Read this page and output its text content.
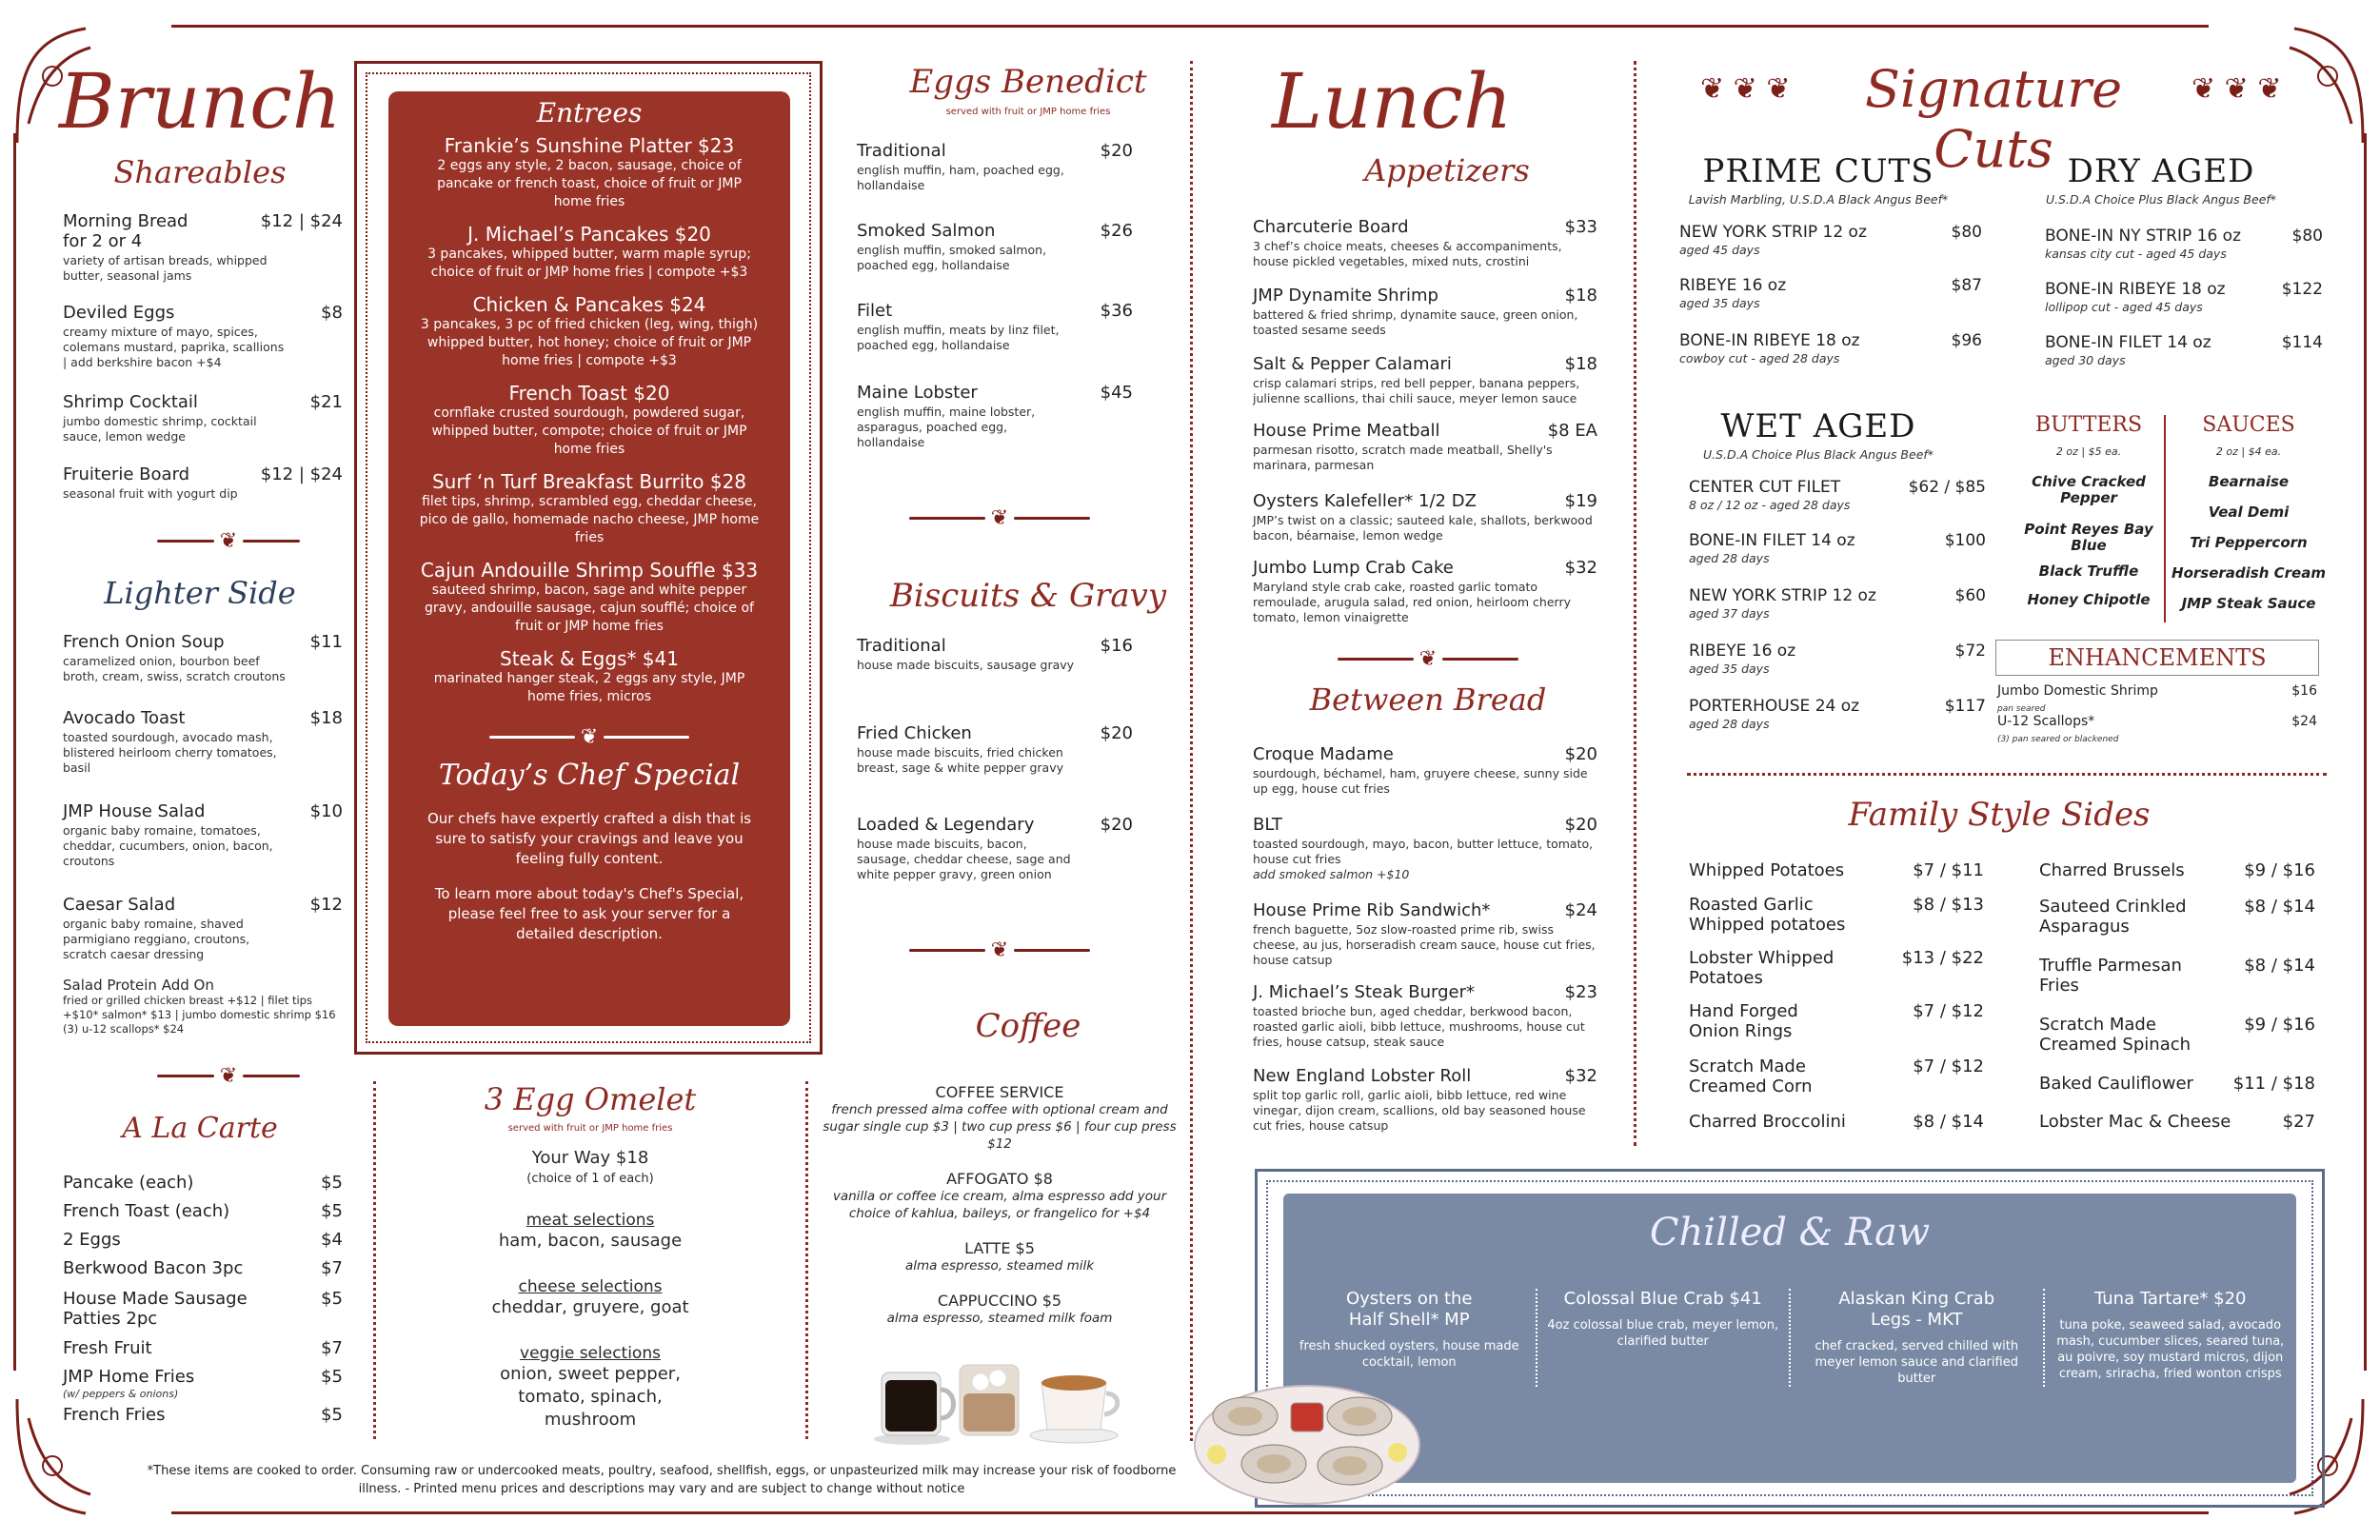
Brunch
Shareables
Morning Bread
for 2 or 4
$12 | $24
variety of artisan breads, whipped butter, seasonal jams
Deviled Eggs	$8
creamy mixture of mayo, spices, colemans mustard, paprika, scallions | add berkshire bacon +$4
Shrimp Cocktail	$21
jumbo domestic shrimp, cocktail sauce, lemon wedge
Fruiterie Board	$12 | $24
seasonal fruit with yogurt dip
❦
Lighter Side
French Onion Soup	$11
caramelized onion, bourbon beef broth, cream, swiss, scratch croutons
Avocado Toast	$18
toasted sourdough, avocado mash, blistered heirloom cherry tomatoes, basil
JMP House Salad	$10
organic baby romaine, tomatoes, cheddar, cucumbers, onion, bacon, croutons
Caesar Salad	$12
organic baby romaine, shaved parmigiano reggiano, croutons, scratch caesar dressing
Salad Protein Add On
fried or grilled chicken breast +$12 | filet tips +$10* salmon* $13 | jumbo domestic shrimp $16 (3) u-12 scallops* $24
❦
A La Carte
Pancake (each)	$5
French Toast (each)	$5
2 Eggs	$4
Berkwood Bacon 3pc	$7
House Made Sausage
Patties 2pc
$5
Fresh Fruit	$7
JMP Home Fries	$5
(w/ peppers & onions)
French Fries	$5
Entrees
Frankie’s Sunshine Platter $23
2 eggs any style, 2 bacon, sausage, choice of pancake or french toast, choice of fruit or JMP home fries
J. Michael’s Pancakes $20
3 pancakes, whipped butter, warm maple syrup; choice of fruit or JMP home fries | compote +$3
Chicken & Pancakes $24
3 pancakes, 3 pc of fried chicken (leg, wing, thigh) whipped butter, hot honey; choice of fruit or JMP home fries | compote +$3
French Toast $20
cornflake crusted sourdough, powdered sugar, whipped butter, compote; choice of fruit or JMP home fries
Surf ‘n Turf Breakfast Burrito $28
filet tips, shrimp, scrambled egg, cheddar cheese, pico de gallo, homemade nacho cheese, JMP home fries
Cajun Andouille Shrimp Souffle $33
sauteed shrimp, bacon, sage and white pepper gravy, andouille sausage, cajun soufflé; choice of fruit or JMP home fries
Steak & Eggs* $41
marinated hanger steak, 2 eggs any style, JMP home fries, micros
❦
Today’s Chef Special
Our chefs have expertly crafted a dish that is sure to satisfy your cravings and leave you feeling fully content.
To learn more about today's Chef's Special, please feel free to ask your server for a detailed description.
3 Egg Omelet
served with fruit or JMP home fries
Your Way $18
(choice of 1 of each)
meat selections
ham, bacon, sausage
cheese selections
cheddar, gruyere, goat
veggie selections
onion, sweet pepper, tomato, spinach, mushroom
Eggs Benedict
served with fruit or JMP home fries
Traditional	$20
english muffin, ham, poached egg, hollandaise
Smoked Salmon	$26
english muffin, smoked salmon, poached egg, hollandaise
Filet	$36
english muffin, meats by linz filet, poached egg, hollandaise
Maine Lobster	$45
english muffin, maine lobster, asparagus, poached egg, hollandaise
❦
Biscuits & Gravy
Traditional	$16
house made biscuits, sausage gravy
Fried Chicken	$20
house made biscuits, fried chicken breast, sage & white pepper gravy
Loaded & Legendary	$20
house made biscuits, bacon, sausage, cheddar cheese, sage and white pepper gravy, green onion
❦
Coffee
COFFEE SERVICE
french pressed alma coffee with optional cream and sugar single cup $3 | two cup press $6 | four cup press $12
AFFOGATO $8
vanilla or coffee ice cream, alma espresso add your choice of kahlua, baileys, or frangelico for +$4
LATTE $5
alma espresso, steamed milk
CAPPUCCINO $5
alma espresso, steamed milk foam
Lunch
Appetizers
Charcuterie Board	$33
3 chef’s choice meats, cheeses & accompaniments, house pickled vegetables, mixed nuts, crostini
JMP Dynamite Shrimp	$18
battered & fried shrimp, dynamite sauce, green onion, toasted sesame seeds
Salt & Pepper Calamari	$18
crisp calamari strips, red bell pepper, banana peppers, julienne scallions, thai chili sauce, meyer lemon sauce
House Prime Meatball	$8 EA
parmesan risotto, scratch made meatball, Shelly's marinara, parmesan
Oysters Kalefeller* 1/2 DZ	$19
JMP’s twist on a classic; sauteed kale, shallots, berkwood bacon, béarnaise, lemon wedge
Jumbo Lump Crab Cake	$32
Maryland style crab cake, roasted garlic tomato remoulade, arugula salad, red onion, heirloom cherry tomato, lemon vinaigrette
❦
Between Bread
Croque Madame	$20
sourdough, béchamel, ham, gruyere cheese, sunny side up egg, house cut fries
BLT	$20
toasted sourdough, mayo, bacon, butter lettuce, tomato, house cut fries
add smoked salmon +$10
House Prime Rib Sandwich*	$24
french baguette, 5oz slow-roasted prime rib, swiss cheese, au jus, horseradish cream sauce, house cut fries, house catsup
J. Michael’s Steak Burger*	$23
toasted brioche bun, aged cheddar, berkwood bacon, roasted garlic aioli, bibb lettuce, mushrooms, house cut fries, house catsup, steak sauce
New England Lobster Roll	$32
split top garlic roll, garlic aioli, bibb lettuce, red wine vinegar, dijon cream, scallions, old bay seasoned house cut fries, house catsup
❦ ❦ ❦	Signature Cuts
❦ ❦ ❦
PRIME CUTS
Lavish Marbling, U.S.D.A Black Angus Beef*
NEW YORK STRIP 12 oz	$80
aged 45 days
RIBEYE 16 oz	$87
aged 35 days
BONE-IN RIBEYE 18 oz	$96
cowboy cut - aged 28 days
DRY AGED
U.S.D.A Choice Plus Black Angus Beef*
BONE-IN NY STRIP 16 oz	$80
kansas city cut - aged 45 days
BONE-IN RIBEYE 18 oz	$122
lollipop cut - aged 45 days
BONE-IN FILET 14 oz	$114
aged 30 days
WET AGED
U.S.D.A Choice Plus Black Angus Beef*
CENTER CUT FILET	$62 / $85
8 oz / 12 oz - aged 28 days
BONE-IN FILET 14 oz	$100
aged 28 days
NEW YORK STRIP 12 oz	$60
aged 37 days
RIBEYE 16 oz	$72
aged 35 days
PORTERHOUSE 24 oz	$117
aged 28 days
BUTTERS
2 oz | $5 ea.
Chive Cracked Pepper
Point Reyes Bay Blue
Black Truffle
Honey Chipotle
SAUCES
2 oz | $4 ea.
Bearnaise
Veal Demi
Tri Peppercorn
Horseradish Cream
JMP Steak Sauce
ENHANCEMENTS
Jumbo Domestic Shrimp	$16
pan seared
U-12 Scallops*	$24
(3) pan seared or blackened
Family Style Sides
Whipped Potatoes	$7 / $11
Roasted Garlic
Whipped potatoes
$8 / $13
Lobster Whipped
Potatoes
$13 / $22
Hand Forged
Onion Rings
$7 / $12
Scratch Made
Creamed Corn
$7 / $12
Charred Broccolini	$8 / $14
Charred Brussels	$9 / $16
Sauteed Crinkled
Asparagus
$8 / $14
Truffle Parmesan
Fries
$8 / $14
Scratch Made
Creamed Spinach
$9 / $16
Baked Cauliflower $11 / $18
Lobster Mac & Cheese	$27
Chilled & Raw
Oysters on the
Half Shell* MP
fresh shucked oysters, house made cocktail, lemon
Colossal Blue Crab $41
4oz colossal blue crab, meyer lemon, clarified butter
Alaskan King Crab
Legs - MKT
chef cracked, served chilled with meyer lemon sauce and clarified butter
Tuna Tartare* $20
tuna poke, seaweed salad, avocado mash, cucumber slices, seared tuna, au poivre, soy mustard micros, dijon cream, sriracha, fried wonton crisps
*These items are cooked to order. Consuming raw or undercooked meats, poultry, seafood, shellfish, eggs, or unpasteurized milk may increase your risk of foodborne illness. - Printed menu prices and descriptions may vary and are subject to change without notice
